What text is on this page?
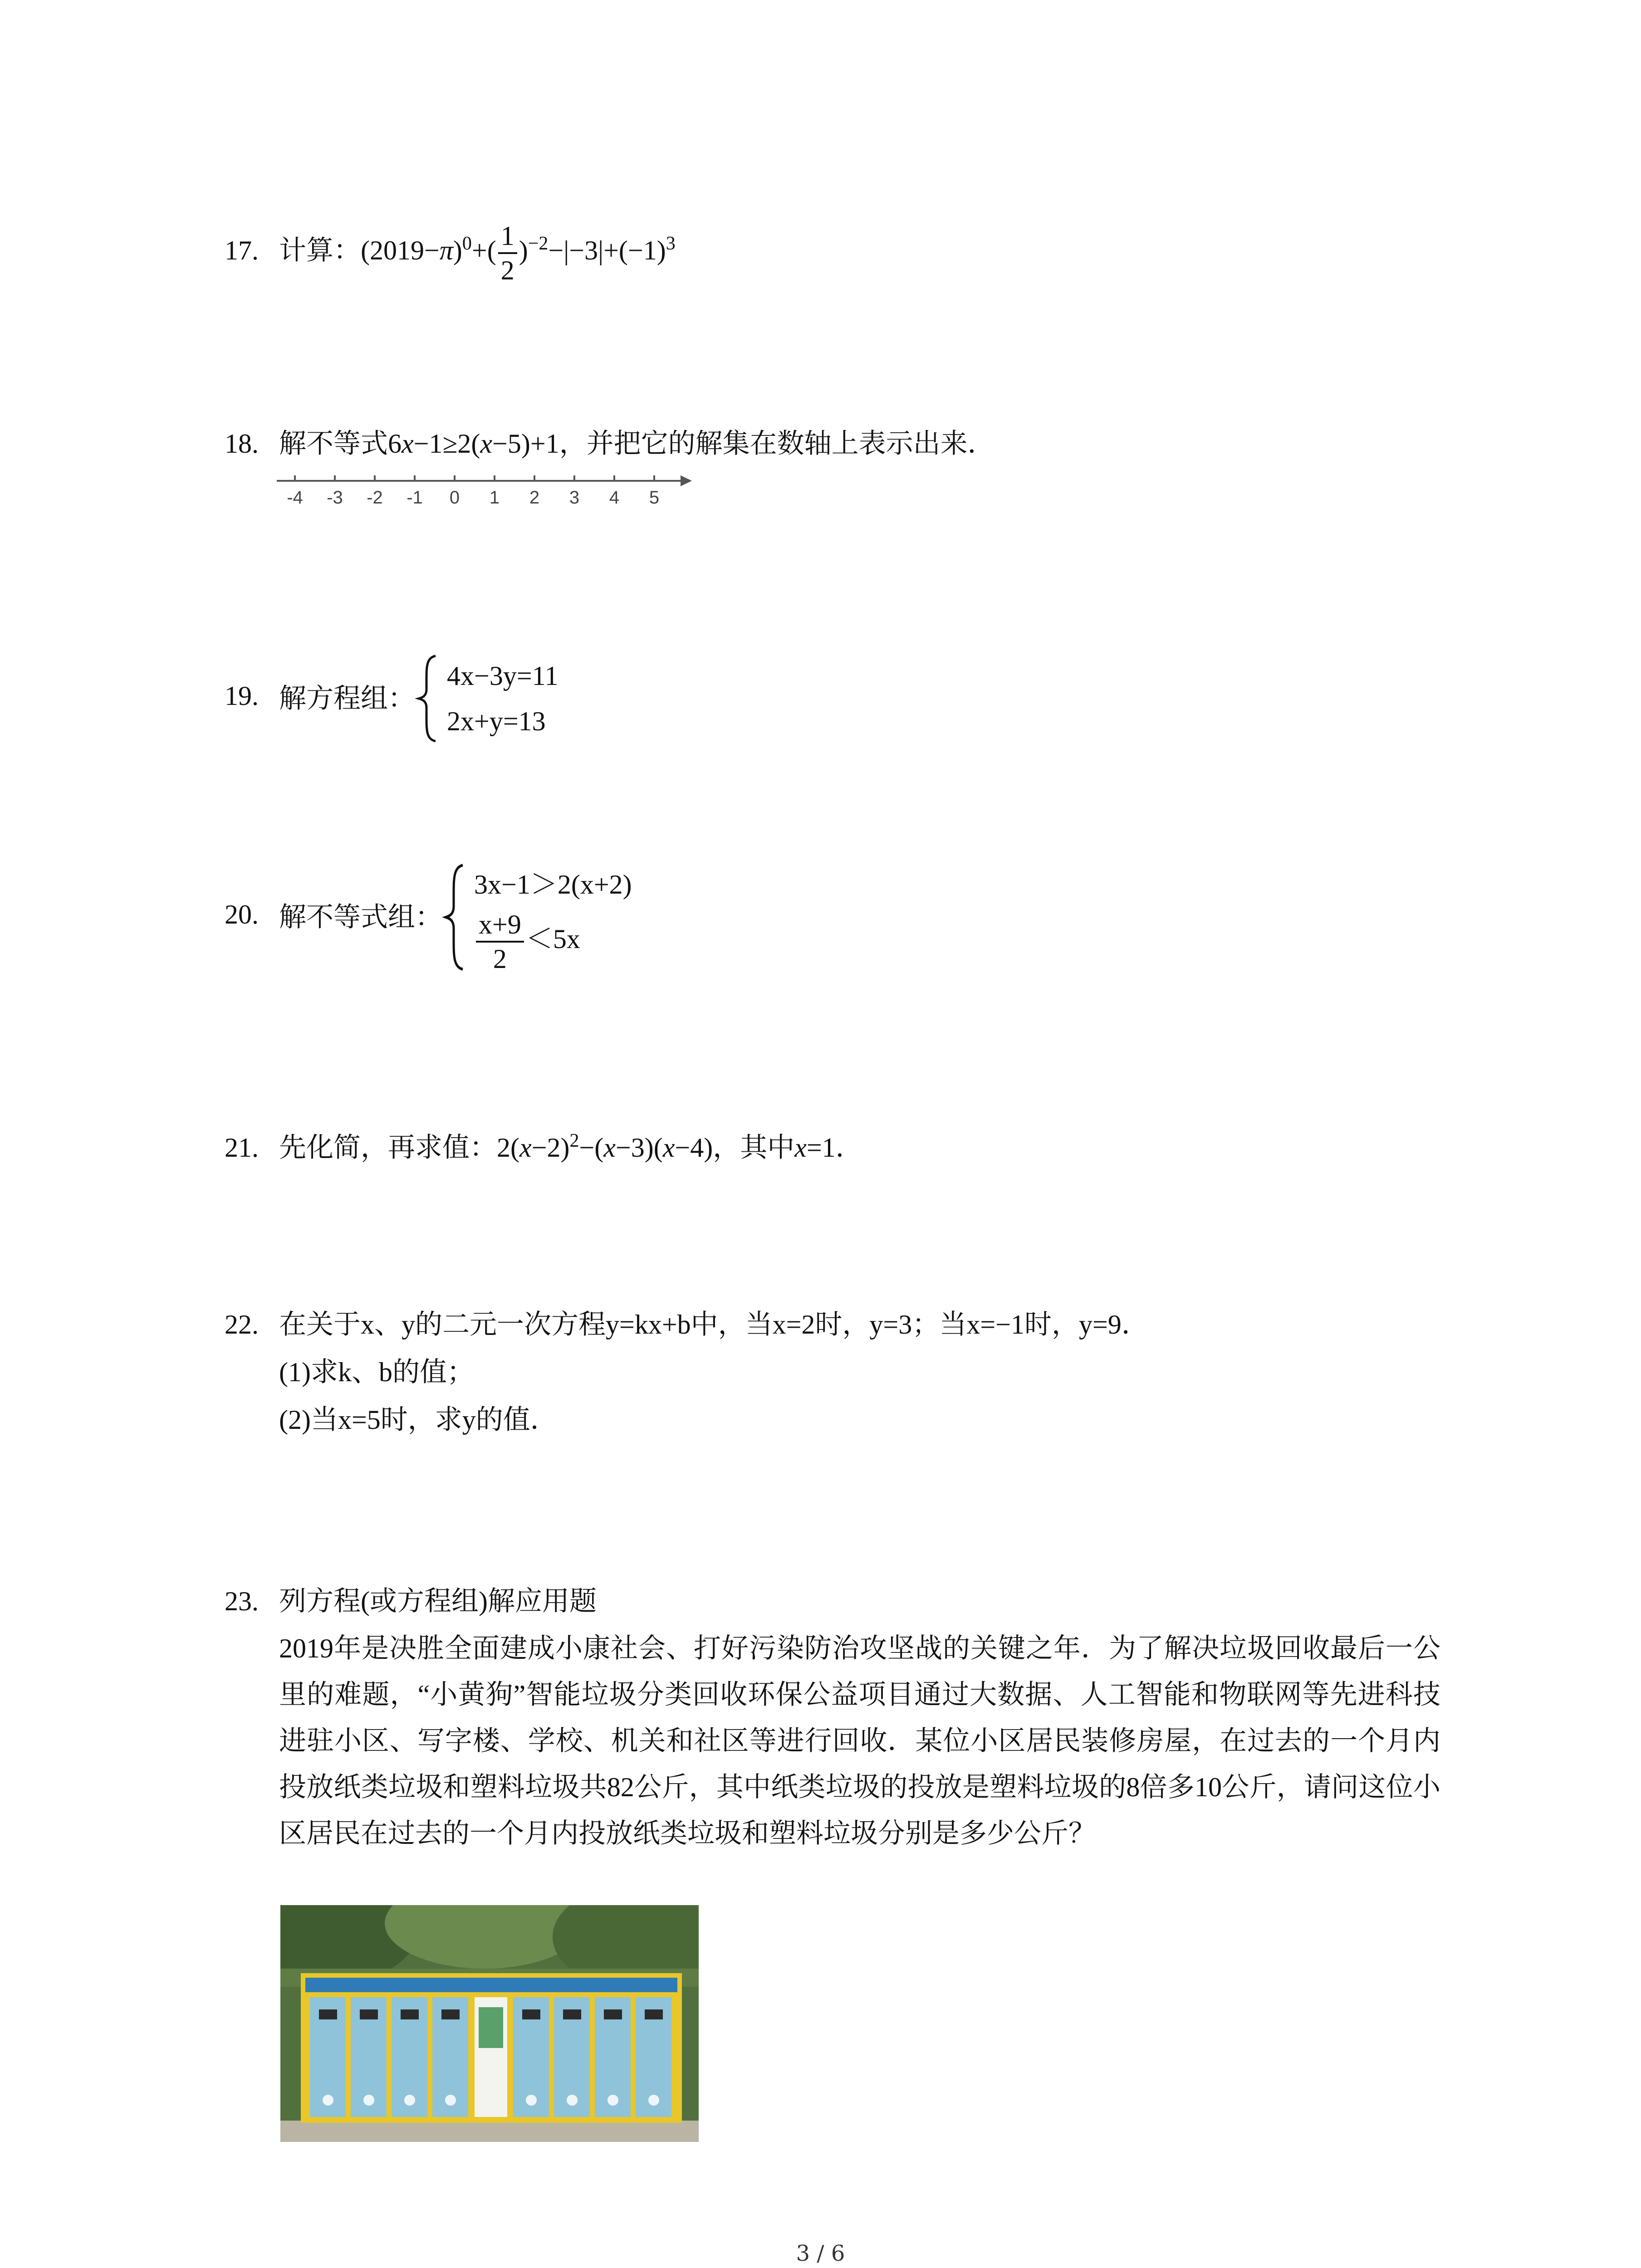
17. 计算：$(2019-\pi)^0+( \frac{1}{2} )^{-2}-|-3|+(-1)^3$
18. 解不等式6x−1≥2(x−5)+1，并把它的解集在数轴上表示出来．
-4 -3 -2 -1 0 1 2 3 4 5
19. 解方程组：
4x−3y=11
2x+y=13
20. 解不等式组：
3x−1＞2(x+2)
$\frac{x+9}{2} <5x$
21. 先化简，再求值：$2(x-2)^2-(x-3)(x-4)$，其中x=1．
22. 在关于x、y的二元一次方程y=kx+b中，当x=2时，y=3；当x=−1时，y=9．
(1)求k、b的值；
(2)当x=5时，求y的值．
23. 列方程(或方程组)解应用题
2019年是决胜全面建成小康社会、打好污染防治攻坚战的关键之年．为了解决垃圾回收最后一公里的难题，“小黄狗”智能垃圾分类回收环保公益项目通过大数据、人工智能和物联网等先进科技进驻小区、写字楼、学校、机关和社区等进行回收．某位小区居民装修房屋，在过去的一个月内投放纸类垃圾和塑料垃圾共82公斤，其中纸类垃圾的投放是塑料垃圾的8倍多10公斤，请问这位小区居民在过去的一个月内投放纸类垃圾和塑料垃圾分别是多少公斤？
3 / 6
